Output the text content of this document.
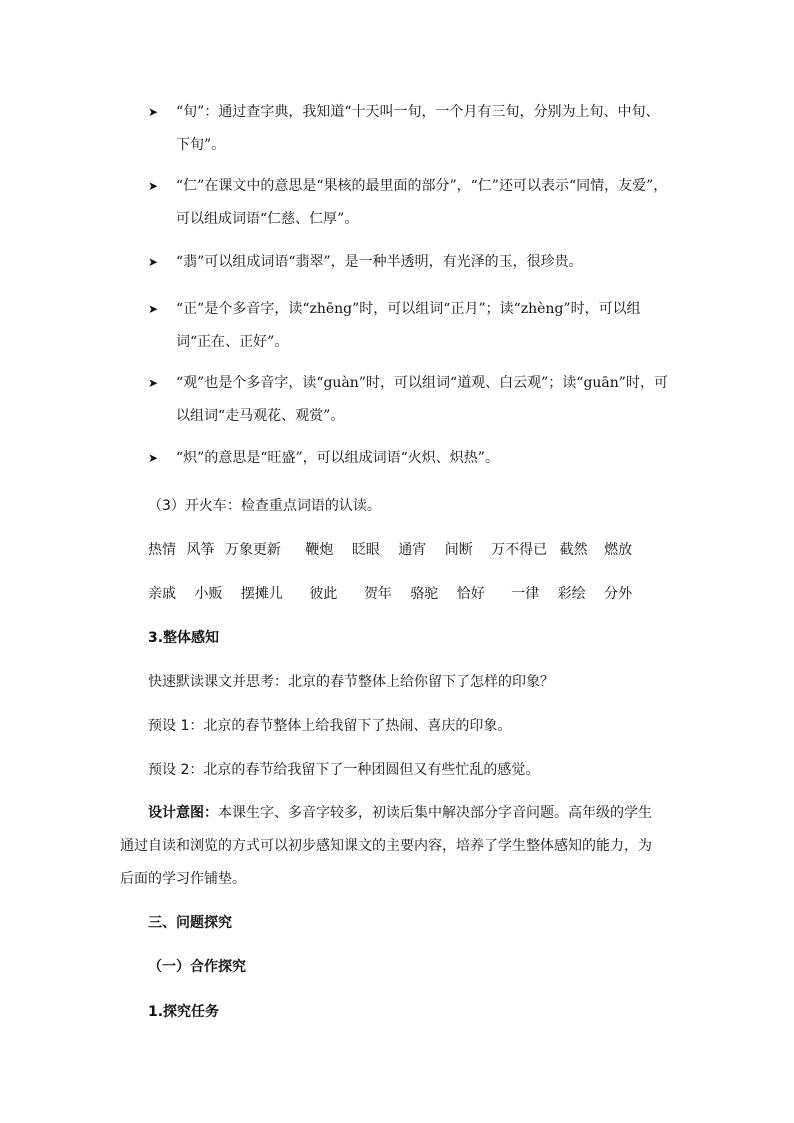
➤	“旬”：通过查字典，我知道“十天叫一旬，一个月有三旬，分别为上旬、中旬、下旬”。
➤	“仁”在课文中的意思是“果核的最里面的部分”，“仁”还可以表示“同情，友爱”，可以组成词语“仁慈、仁厚”。
➤	“翡”可以组成词语“翡翠”，是一种半透明，有光泽的玉，很珍贵。
➤	“正”是个多音字，读“zhēng”时，可以组词“正月”；读“zhèng”时，可以组词“正在、正好”。
➤	“观”也是个多音字，读“guàn”时，可以组词“道观、白云观”；读“guān”时，可以组词“走马观花、观赏”。
➤	“炽”的意思是“旺盛”，可以组成词语“火炽、炽热”。
（3）开火车：检查重点词语的认读。
热情 风筝 万象更新 鞭炮 眨眼 通宵 间断 万不得已 截然 燃放
亲戚 小贩 摆摊儿 彼此 贺年 骆驼 恰好 一律 彩绘 分外
3.整体感知
快速默读课文并思考：北京的春节整体上给你留下了怎样的印象？
预设 1：北京的春节整体上给我留下了热闹、喜庆的印象。
预设 2：北京的春节给我留下了一种团圆但又有些忙乱的感觉。
设计意图：本课生字、多音字较多，初读后集中解决部分字音问题。高年级的学生通过自读和浏览的方式可以初步感知课文的主要内容，培养了学生整体感知的能力，为后面的学习作铺垫。
三、问题探究
（一）合作探究
1.探究任务
